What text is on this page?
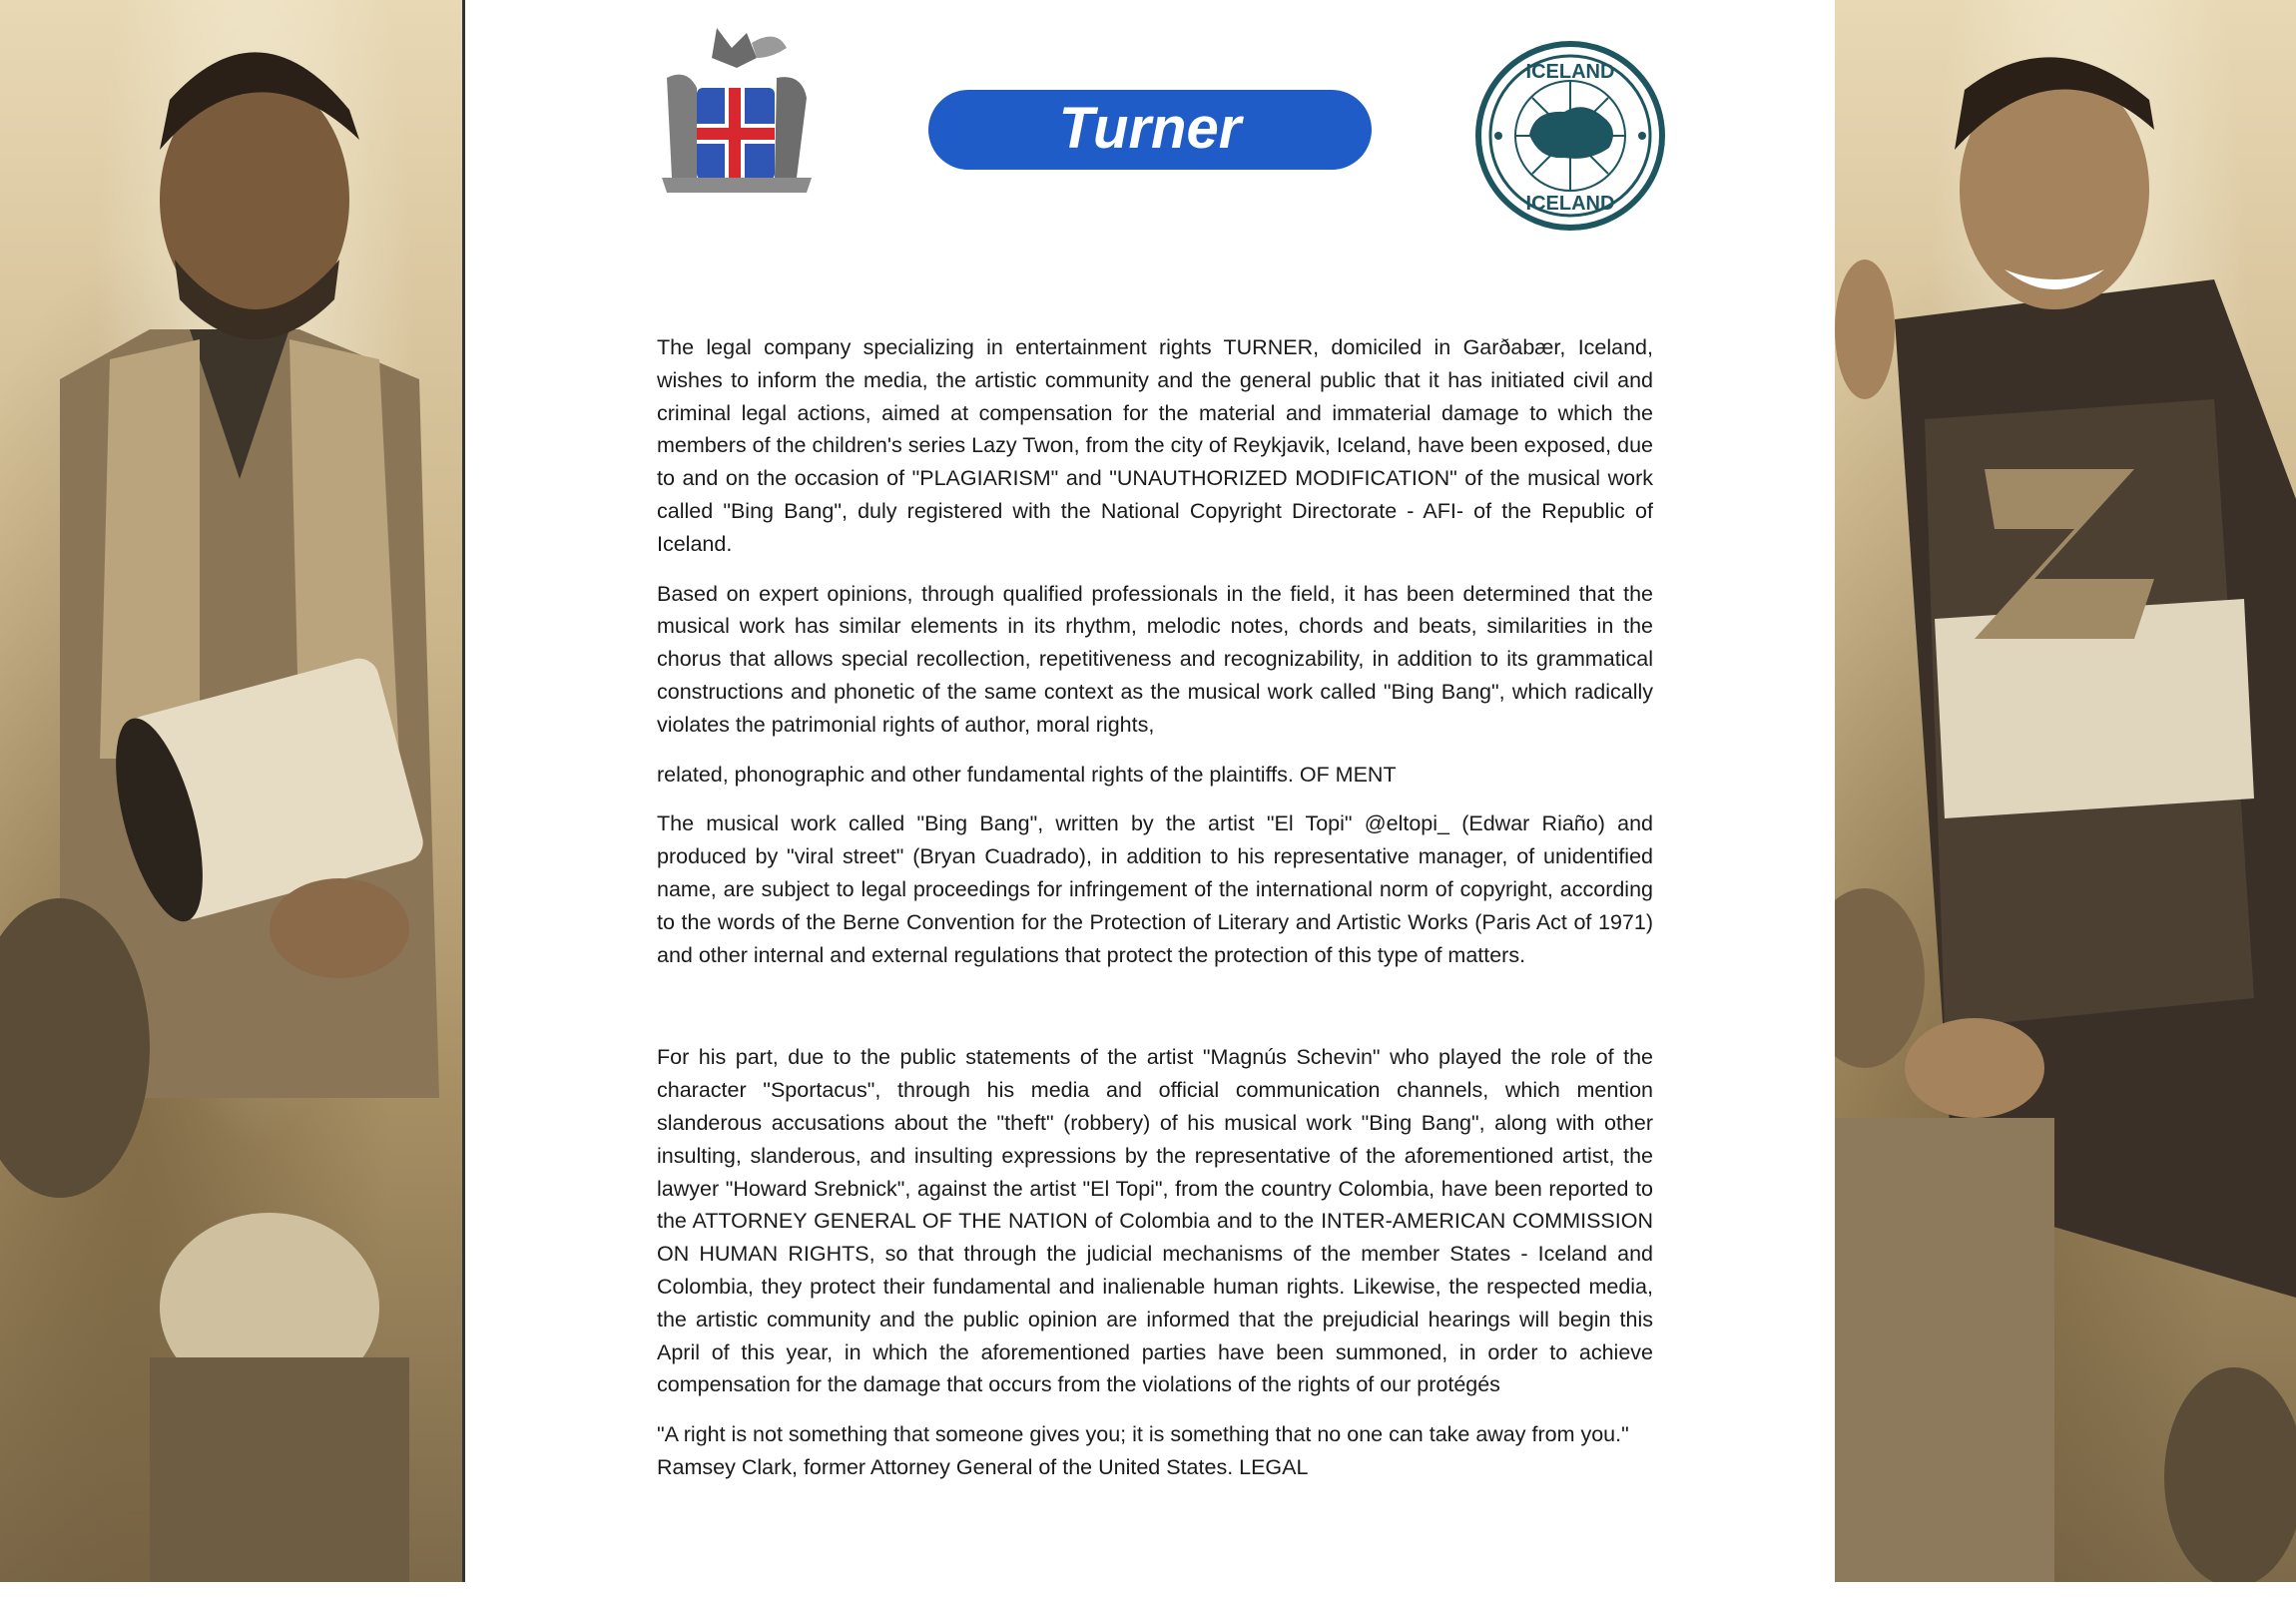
Turner
ICELAND
ICELAND

The legal company specializing in entertainment rights TURNER, domiciled in Garðabær, Iceland, wishes to inform the media, the artistic community and the general public that it has initiated civil and criminal legal actions, aimed at compensation for the material and immaterial damage to which the members of the children's series Lazy Twon, from the city of Reykjavik, Iceland, have been exposed, due to and on the occasion of "PLAGIARISM" and "UNAUTHORIZED MODIFICATION" of the musical work called "Bing Bang", duly registered with the National Copyright Directorate - AFI- of the Republic of Iceland.

Based on expert opinions, through qualified professionals in the field, it has been determined that the musical work has similar elements in its rhythm, melodic notes, chords and beats, similarities in the chorus that allows special recollection, repetitiveness and recognizability, in addition to its grammatical constructions and phonetic of the same context as the musical work called "Bing Bang", which radically violates the patrimonial rights of author, moral rights,

related, phonographic and other fundamental rights of the plaintiffs. OF MENT

The musical work called "Bing Bang", written by the artist "El Topi" @eltopi_ (Edwar Riaño) and produced by "viral street" (Bryan Cuadrado), in addition to his representative manager, of unidentified name, are subject to legal proceedings for infringement of the international norm of copyright, according to the words of the Berne Convention for the Protection of Literary and Artistic Works (Paris Act of 1971) and other internal and external regulations that protect the protection of this type of matters.

For his part, due to the public statements of the artist "Magnús Schevin" who played the role of the character "Sportacus", through his media and official communication channels, which mention slanderous accusations about the "theft" (robbery) of his musical work "Bing Bang", along with other insulting, slanderous, and insulting expressions by the representative of the aforementioned artist, the lawyer "Howard Srebnick", against the artist "El Topi", from the country Colombia, have been reported to the ATTORNEY GENERAL OF THE NATION of Colombia and to the INTER-AMERICAN COMMISSION ON HUMAN RIGHTS, so that through the judicial mechanisms of the member States - Iceland and Colombia, they protect their fundamental and inalienable human rights. Likewise, the respected media, the artistic community and the public opinion are informed that the prejudicial hearings will begin this April of this year, in which the aforementioned parties have been summoned, in order to achieve compensation for the damage that occurs from the violations of the rights of our protégés

"A right is not something that someone gives you; it is something that no one can take away from you." Ramsey Clark, former Attorney General of the United States. LEGAL
